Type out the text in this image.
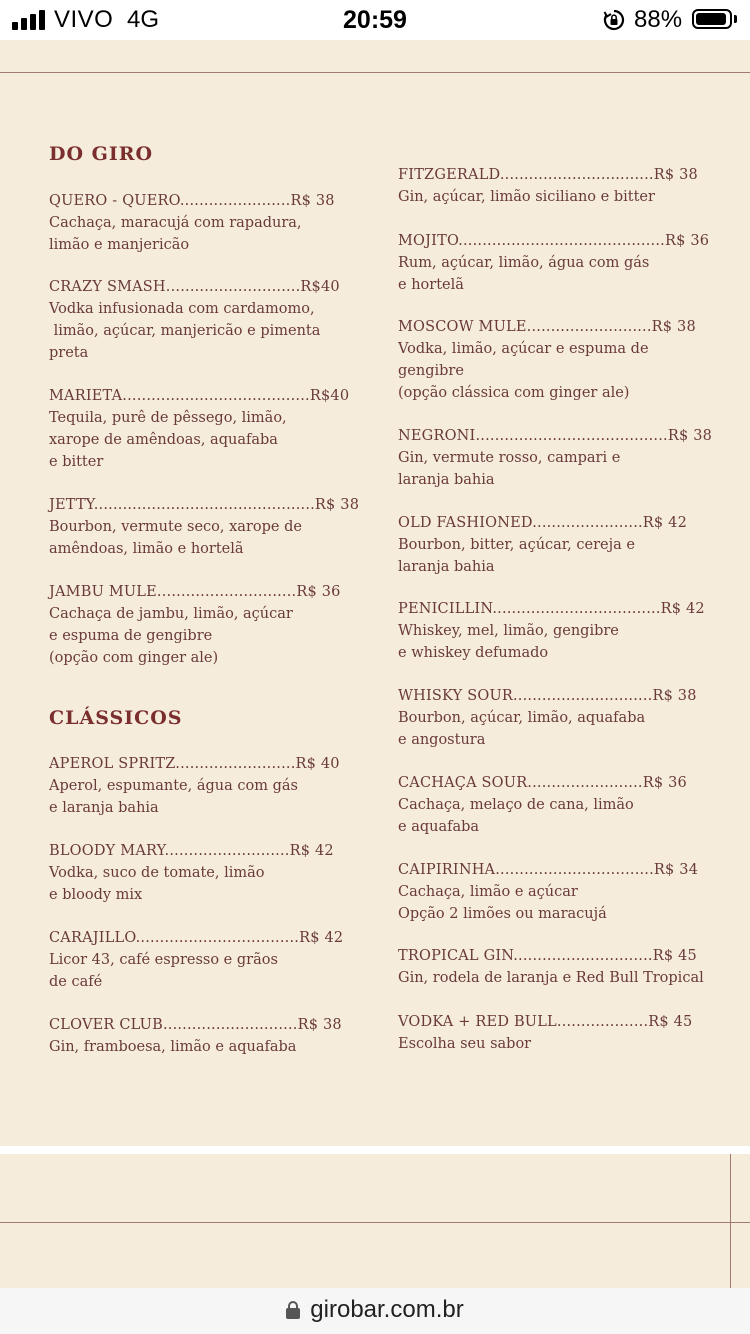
VIVO 4G	20:59	88%
DO GIRO
QUERO - QUERO.......................R$ 38
Cachaça, maracujá com rapadura,
limão e manjericão
CRAZY SMASH............................R$40
Vodka infusionada com cardamomo,
limão, açúcar, manjericão e pimenta
preta
MARIETA.......................................R$40
Tequila, purê de pêssego, limão,
xarope de amêndoas, aquafaba
e bitter
JETTY..............................................R$ 38
Bourbon, vermute seco, xarope de
amêndoas, limão e hortelã
JAMBU MULE.............................R$ 36
Cachaça de jambu, limão, açúcar
e espuma de gengibre
(opção com ginger ale)
CLÁSSICOS
APEROL SPRITZ.........................R$ 40
Aperol, espumante, água com gás
e laranja bahia
BLOODY MARY..........................R$ 42
Vodka, suco de tomate, limão
e bloody mix
CARAJILLO..................................R$ 42
Licor 43, café espresso e grãos
de café
CLOVER CLUB............................R$ 38
Gin, framboesa, limão e aquafaba
FITZGERALD................................R$ 38
Gin, açúcar, limão siciliano e bitter
MOJITO...........................................R$ 36
Rum, açúcar, limão, água com gás
e hortelã
MOSCOW MULE..........................R$ 38
Vodka, limão, açúcar e espuma de
gengibre
(opção clássica com ginger ale)
NEGRONI........................................R$ 38
Gin, vermute rosso, campari e
laranja bahia
OLD FASHIONED.......................R$ 42
Bourbon, bitter, açúcar, cereja e
laranja bahia
PENICILLIN...................................R$ 42
Whiskey, mel, limão, gengibre
e whiskey defumado
WHISKY SOUR.............................R$ 38
Bourbon, açúcar, limão, aquafaba
e angostura
CACHAÇA SOUR........................R$ 36
Cachaça, melaço de cana, limão
e aquafaba
CAIPIRINHA.................................R$ 34
Cachaça, limão e açúcar
Opção 2 limões ou maracujá
TROPICAL GIN.............................R$ 45
Gin, rodela de laranja e Red Bull Tropical
VODKA + RED BULL...................R$ 45
Escolha seu sabor
girobar.com.br
